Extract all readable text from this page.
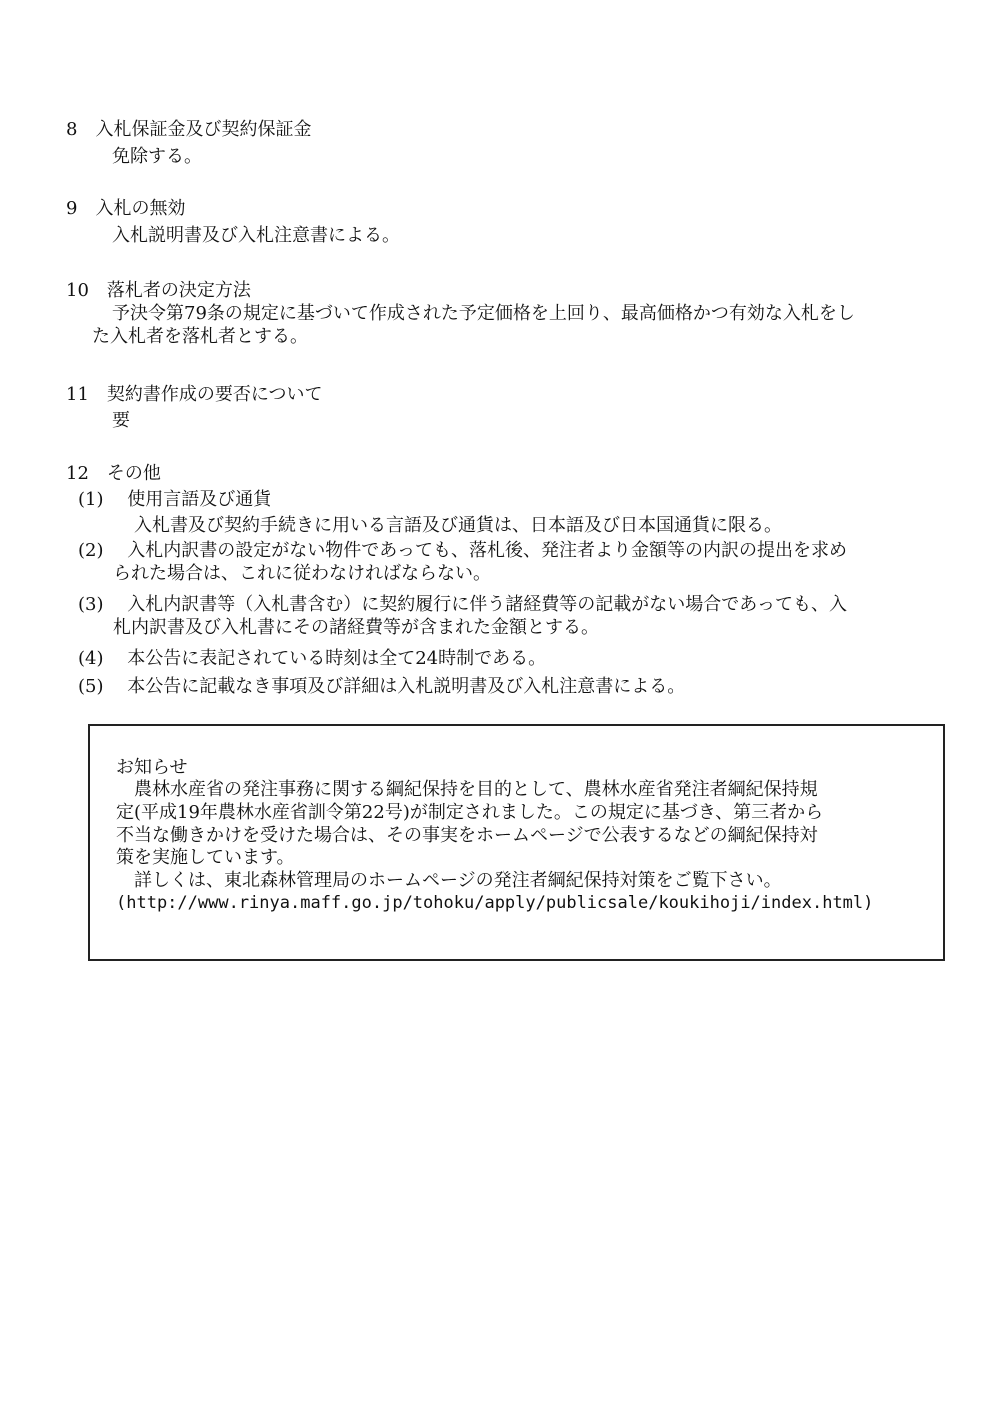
8　入札保証金及び契約保証金

免除する。

9　入札の無効

入札説明書及び入札注意書による。

10　落札者の決定方法

予決令第79条の規定に基づいて作成された予定価格を上回り、最高価格かつ有効な入札をし

た入札者を落札者とする。

11　契約書作成の要否について

要

12　その他

(1)　 使用言語及び通貨

入札書及び契約手続きに用いる言語及び通貨は、日本語及び日本国通貨に限る。

(2)　 入札内訳書の設定がない物件であっても、落札後、発注者より金額等の内訳の提出を求め

られた場合は、これに従わなければならない。

(3)　 入札内訳書等（入札書含む）に契約履行に伴う諸経費等の記載がない場合であっても、入

札内訳書及び入札書にその諸経費等が含まれた金額とする。

(4)　 本公告に表記されている時刻は全て24時制である。

(5)　 本公告に記載なき事項及び詳細は入札説明書及び入札注意書による。

お知らせ

　農林水産省の発注事務に関する綱紀保持を目的として、農林水産省発注者綱紀保持規

定(平成19年農林水産省訓令第22号)が制定されました。この規定に基づき、第三者から

不当な働きかけを受けた場合は、その事実をホームページで公表するなどの綱紀保持対

策を実施しています。

　詳しくは、東北森林管理局のホームページの発注者綱紀保持対策をご覧下さい。

(http://www.rinya.maff.go.jp/tohoku/apply/publicsale/koukihoji/index.html)
